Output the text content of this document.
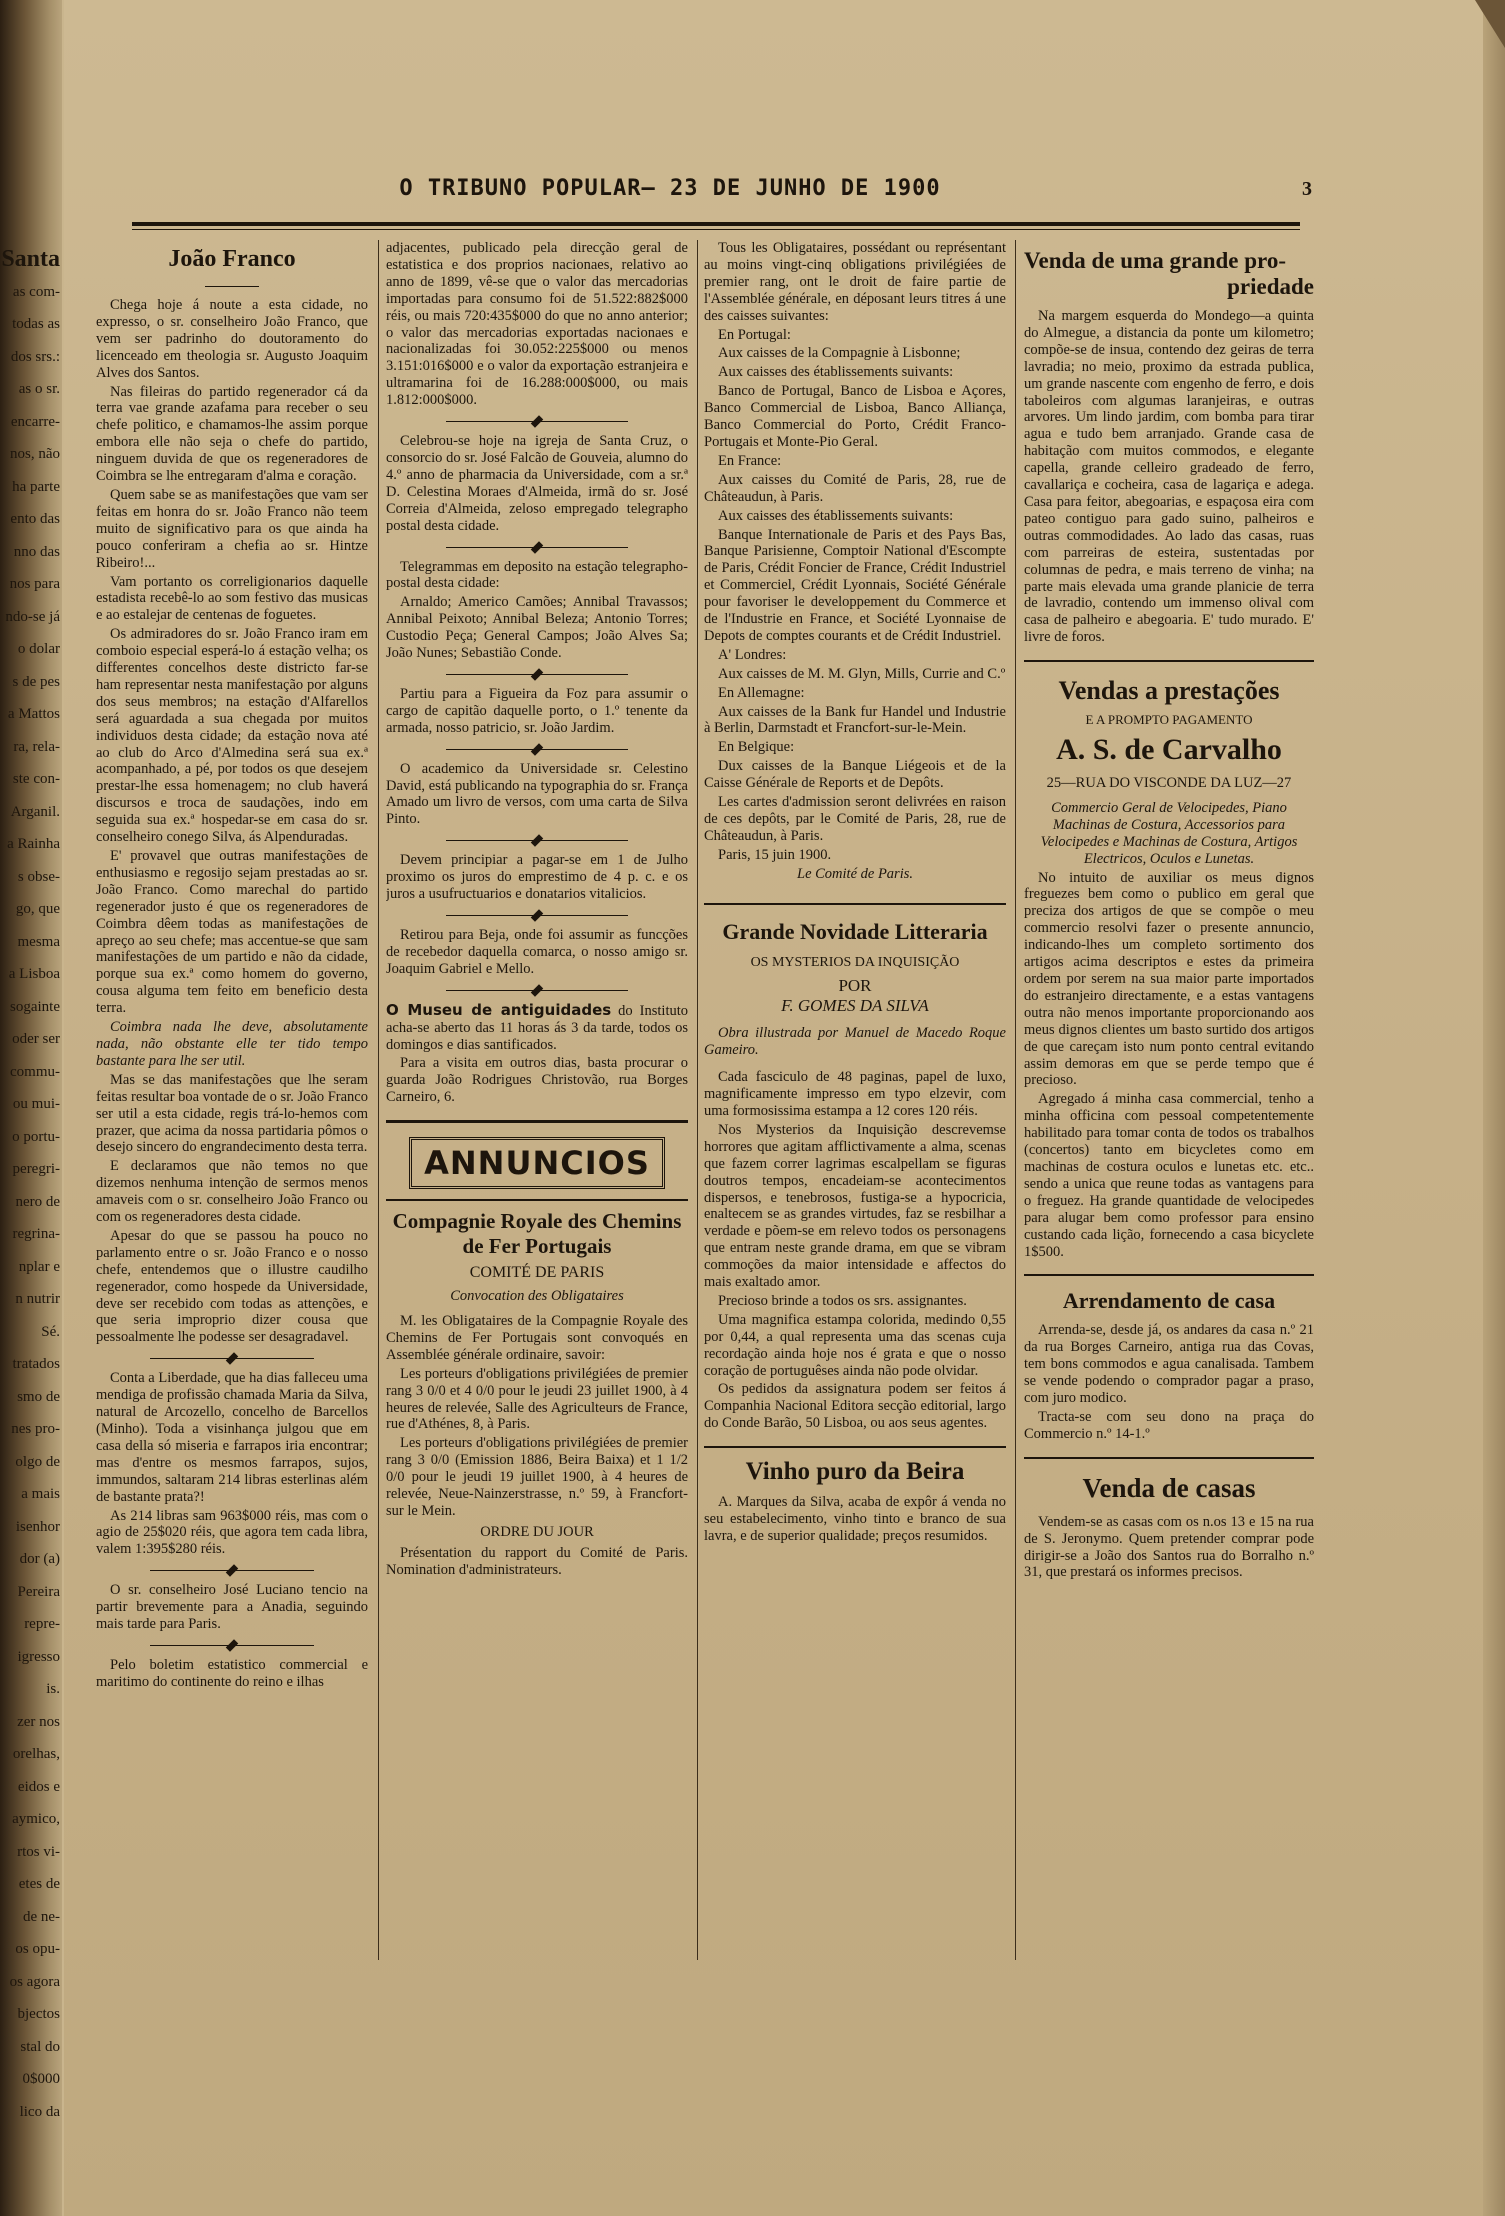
Santa
as com-
todas as
dos srs.:
as o sr.
encarre-
nos, não
ha parte
ento das
nno das
nos para
ndo-se já
o dolar
s de pes
a Mattos
ra, rela-
ste con-
Arganil.
a Rainha
s obse-
go, que
mesma
a Lisboa
sogainte
oder ser
commu-
ou mui-
o portu-
peregri-
nero de
regrina-
nplar e
n nutrir
Sé.
tratados
smo de
nes pro-
olgo de
a mais
isenhor
dor (a)
Pereira
repre-
igresso
is.
zer nos
orelhas,
eidos e
aymico,
rtos vi-
etes de
de ne-
os opu-
os agora
bjectos
stal do
0$000
lico da
O TRIBUNO POPULAR– 23 DE JUNHO DE 1900	3
João Franco

Chega hoje á noute a esta cidade, no expresso, o sr. conselheiro João Franco, que vem ser padrinho do doutoramento do licenceado em theologia sr. Augusto Joaquim Alves dos Santos.

Nas fileiras do partido regenerador cá da terra vae grande azafama para receber o seu chefe politico, e chamamos-lhe assim porque embora elle não seja o chefe do partido, ninguem duvida de que os regeneradores de Coimbra se lhe entregaram d'alma e coração.

Quem sabe se as manifestações que vam ser feitas em honra do sr. João Franco não teem muito de significativo para os que ainda ha pouco conferiram a chefia ao sr. Hintze Ribeiro!...

Vam portanto os correligionarios daquelle estadista recebê-lo ao som festivo das musicas e ao estalejar de centenas de foguetes.

Os admiradores do sr. João Franco iram em comboio especial esperá-lo á estação velha; os differentes concelhos deste districto far-se ham representar nesta manifestação por alguns dos seus membros; na estação d'Alfarellos será aguardada a sua chegada por muitos individuos desta cidade; da estação nova até ao club do Arco d'Almedina será sua ex.ª acompanhado, a pé, por todos os que desejem prestar-lhe essa homenagem; no club haverá discursos e troca de saudações, indo em seguida sua ex.ª hospedar-se em casa do sr. conselheiro conego Silva, ás Alpenduradas.

E' provavel que outras manifestações de enthusiasmo e regosijo sejam prestadas ao sr. João Franco. Como marechal do partido regenerador justo é que os regeneradores de Coimbra dêem todas as manifestações de apreço ao seu chefe; mas accentue-se que sam manifestações de um partido e não da cidade, porque sua ex.ª como homem do governo, cousa alguma tem feito em beneficio desta terra.

Coimbra nada lhe deve, absolutamente nada, não obstante elle ter tido tempo bastante para lhe ser util.

Mas se das manifestações que lhe seram feitas resultar boa vontade de o sr. João Franco ser util a esta cidade, regis trá-lo-hemos com prazer, que acima da nossa partidaria pômos o desejo sincero do engrandecimento desta terra.

E declaramos que não temos no que dizemos nenhuma intenção de sermos menos amaveis com o sr. conselheiro João Franco ou com os regeneradores desta cidade.

Apesar do que se passou ha pouco no parlamento entre o sr. João Franco e o nosso chefe, entendemos que o illustre caudilho regenerador, como hospede da Universidade, deve ser recebido com todas as attenções, e que seria improprio dizer cousa que pessoalmente lhe podesse ser desagradavel.

Conta a Liberdade, que ha dias falleceu uma mendiga de profissão chamada Maria da Silva, natural de Arcozello, concelho de Barcellos (Minho). Toda a visinhança julgou que em casa della só miseria e farrapos iria encontrar; mas d'entre os mesmos farrapos, sujos, immundos, saltaram 214 libras esterlinas além de bastante prata?!

As 214 libras sam 963$000 réis, mas com o agio de 25$020 réis, que agora tem cada libra, valem 1:395$280 réis.

O sr. conselheiro José Luciano tencio na partir brevemente para a Anadia, seguindo mais tarde para Paris.

Pelo boletim estatistico commercial e maritimo do continente do reino e ilhas

adjacentes, publicado pela direcção geral de estatistica e dos proprios nacionaes, relativo ao anno de 1899, vê-se que o valor das mercadorias importadas para consumo foi de 51.522:882$000 réis, ou mais 720:435$000 do que no anno anterior; o valor das mercadorias exportadas nacionaes e nacionalizadas foi 30.052:225$000 ou menos 3.151:016$000 e o valor da exportação estranjeira e ultramarina foi de 16.288:000$000, ou mais 1.812:000$000.

Celebrou-se hoje na igreja de Santa Cruz, o consorcio do sr. José Falcão de Gouveia, alumno do 4.º anno de pharmacia da Universidade, com a sr.ª D. Celestina Moraes d'Almeida, irmã do sr. José Correia d'Almeida, zeloso empregado telegrapho postal desta cidade.

Telegrammas em deposito na estação telegrapho-postal desta cidade:

Arnaldo; Americo Camões; Annibal Travassos; Annibal Peixoto; Annibal Beleza; Antonio Torres; Custodio Peça; General Campos; João Alves Sa; João Nunes; Sebastião Conde.

Partiu para a Figueira da Foz para assumir o cargo de capitão daquelle porto, o 1.º tenente da armada, nosso patricio, sr. João Jardim.

O academico da Universidade sr. Celestino David, está publicando na typographia do sr. França Amado um livro de versos, com uma carta de Silva Pinto.

Devem principiar a pagar-se em 1 de Julho proximo os juros do emprestimo de 4 p. c. e os juros a usufructuarios e donatarios vitalicios.

Retirou para Beja, onde foi assumir as funcções de recebedor daquella comarca, o nosso amigo sr. Joaquim Gabriel e Mello.

O Museu de antiguidades do Instituto acha-se aberto das 11 horas ás 3 da tarde, todos os domingos e dias santificados.

Para a visita em outros dias, basta procurar o guarda João Rodrigues Christovão, rua Borges Carneiro, 6.

ANNUNCIOS
Compagnie Royale des Chemins de Fer Portugais

COMITÉ DE PARIS

Convocation des Obligataires

M. les Obligataires de la Compagnie Royale des Chemins de Fer Portugais sont convoqués en Assemblée générale ordinaire, savoir:

Les porteurs d'obligations privilégiées de premier rang 3 0/0 et 4 0/0 pour le jeudi 23 juillet 1900, à 4 heures de relevée, Salle des Agriculteurs de France, rue d'Athénes, 8, à Paris.

Les porteurs d'obligations privilégiées de premier rang 3 0/0 (Emission 1886, Beira Baixa) et 1 1/2 0/0 pour le jeudi 19 juillet 1900, à 4 heures de relevée, Neue-Nainzerstrasse, n.º 59, à Francfort-sur le Mein.

ORDRE DU JOUR

Présentation du rapport du Comité de Paris. Nomination d'administrateurs.

Tous les Obligataires, possédant ou représentant au moins vingt-cinq obligations privilégiées de premier rang, ont le droit de faire partie de l'Assemblée générale, en déposant leurs titres á une des caisses suivantes:

En Portugal:

Aux caisses de la Compagnie à Lisbonne;

Aux caisses des établissements suivants:

Banco de Portugal, Banco de Lisboa e Açores, Banco Commercial de Lisboa, Banco Alliança, Banco Commercial do Porto, Crédit Franco-Portugais et Monte-Pio Geral.

En France:

Aux caisses du Comité de Paris, 28, rue de Châteaudun, à Paris.

Aux caisses des établissements suivants:

Banque Internationale de Paris et des Pays Bas, Banque Parisienne, Comptoir National d'Escompte de Paris, Crédit Foncier de France, Crédit Industriel et Commerciel, Crédit Lyonnais, Société Générale pour favoriser le developpement du Commerce et de l'Industrie en France, et Société Lyonnaise de Depots de comptes courants et de Crédit Industriel.

A' Londres:

Aux caisses de M. M. Glyn, Mills, Currie and C.º

En Allemagne:

Aux caisses de la Bank fur Handel und Industrie à Berlin, Darmstadt et Francfort-sur-le-Mein.

En Belgique:

Dux caisses de la Banque Liégeois et de la Caisse Générale de Reports et de Depôts.

Les cartes d'admission seront delivrées en raison de ces depôts, par le Comité de Paris, 28, rue de Châteaudun, à Paris.

Paris, 15 juin 1900.

Le Comité de Paris.

Grande Novidade Litteraria

OS MYSTERIOS DA INQUISIÇÃO

POR

F. GOMES DA SILVA

Obra illustrada por Manuel de Macedo Roque Gameiro.

Cada fasciculo de 48 paginas, papel de luxo, magnificamente impresso em typo elzevir, com uma formosissima estampa a 12 cores 120 réis.

Nos Mysterios da Inquisição descrevemse horrores que agitam afflictivamente a alma, scenas que fazem correr lagrimas escalpellam se figuras doutros tempos, encadeiam-se acontecimentos dispersos, e tenebrosos, fustiga-se a hypocricia, enaltecem se as grandes virtudes, faz se resbilhar a verdade e põem-se em relevo todos os personagens que entram neste grande drama, em que se vibram commoções da maior intensidade e affectos do mais exaltado amor.

Precioso brinde a todos os srs. assignantes.

Uma magnifica estampa colorida, medindo 0,55 por 0,44, a qual representa uma das scenas cuja recordação ainda hoje nos é grata e que o nosso coração de portuguêses ainda não pode olvidar.

Os pedidos da assignatura podem ser feitos á Companhia Nacional Editora secção editorial, largo do Conde Barão, 50 Lisboa, ou aos seus agentes.

Vinho puro da Beira

A. Marques da Silva, acaba de expôr á venda no seu estabelecimento, vinho tinto e branco de sua lavra, e de superior qualidade; preços resumidos.

Venda de uma grande pro-
priedade

Na margem esquerda do Mondego—a quinta do Almegue, a distancia da ponte um kilometro; compõe-se de insua, contendo dez geiras de terra lavradia; no meio, proximo da estrada publica, um grande nascente com engenho de ferro, e dois taboleiros com algumas laranjeiras, e outras arvores. Um lindo jardim, com bomba para tirar agua e tudo bem arranjado. Grande casa de habitação com muitos commodos, e elegante capella, grande celleiro gradeado de ferro, cavallariça e cocheira, casa de lagariça e adega. Casa para feitor, abegoarias, e espaçosa eira com pateo contiguo para gado suino, palheiros e outras commodidades. Ao lado das casas, ruas com parreiras de esteira, sustentadas por columnas de pedra, e mais terreno de vinha; na parte mais elevada uma grande planicie de terra de lavradio, contendo um immenso olival com casa de palheiro e abegoaria. E' tudo murado. E' livre de foros.

Vendas a prestações

E A PROMPTO PAGAMENTO

A. S. de Carvalho

25—RUA DO VISCONDE DA LUZ—27

Commercio Geral de Velocipedes, Piano Machinas de Costura, Accessorios para Velocipedes e Machinas de Costura, Artigos Electricos, Oculos e Lunetas.

No intuito de auxiliar os meus dignos freguezes bem como o publico em geral que preciza dos artigos de que se compõe o meu commercio resolvi fazer o presente annuncio, indicando-lhes um completo sortimento dos artigos acima descriptos e estes da primeira ordem por serem na sua maior parte importados do estranjeiro directamente, e a estas vantagens outra não menos importante proporcionando aos meus dignos clientes um basto surtido dos artigos de que careçam isto num ponto central evitando assim demoras em que se perde tempo que é precioso.

Agregado á minha casa commercial, tenho a minha officina com pessoal competentemente habilitado para tomar conta de todos os trabalhos (concertos) tanto em bicycletes como em machinas de costura oculos e lunetas etc. etc.. sendo a unica que reune todas as vantagens para o freguez. Ha grande quantidade de velocipedes para alugar bem como professor para ensino custando cada lição, fornecendo a casa bicyclete 1$500.

Arrendamento de casa

Arrenda-se, desde já, os andares da casa n.º 21 da rua Borges Carneiro, antiga rua das Covas, tem bons commodos e agua canalisada. Tambem se vende podendo o comprador pagar a praso, com juro modico.

Tracta-se com seu dono na praça do Commercio n.º 14-1.º

Venda de casas

Vendem-se as casas com os n.os 13 e 15 na rua de S. Jeronymo. Quem pretender comprar pode dirigir-se a João dos Santos rua do Borralho n.º 31, que prestará os informes precisos.
